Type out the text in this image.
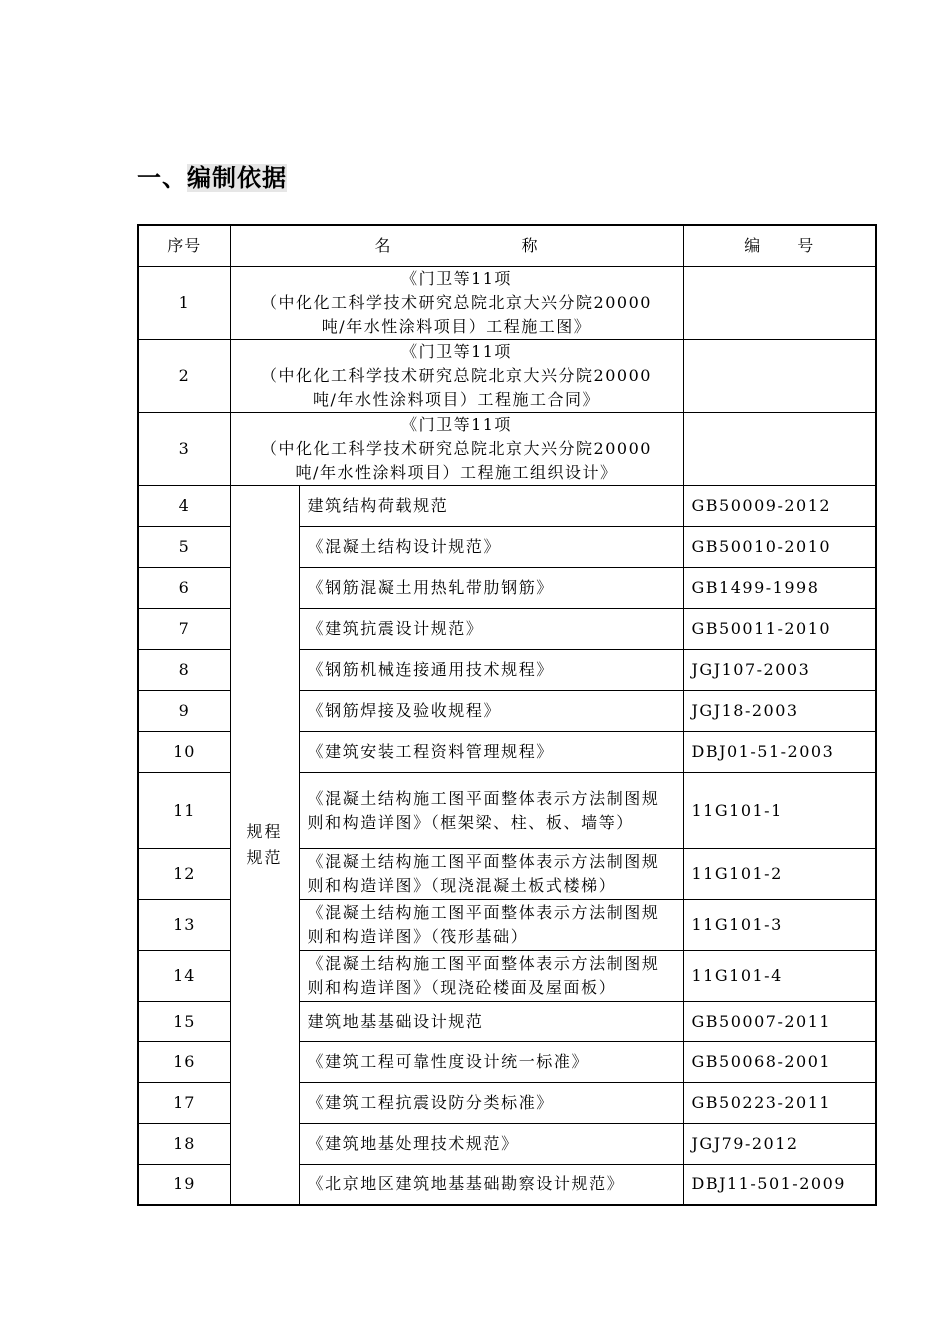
一、编制依据
序号	名 称		编 号
1	《门卫等11项
（中化化工科学技术研究总院北京大兴分院20000
吨/年水性涂料项目）工程施工图》		

2	《门卫等11项
（中化化工科学技术研究总院北京大兴分院20000
吨/年水性涂料项目）工程施工合同》		

3	《门卫等11项
（中化化工科学技术研究总院北京大兴分院20000
吨/年水性涂料项目）工程施工组织设计》		

4	规程规范	建筑结构荷载规范	GB50009-2012
5		《混凝土结构设计规范》	GB50010-2010
6		《钢筋混凝土用热轧带肋钢筋》	GB1499-1998
7		《建筑抗震设计规范》	GB50011-2010
8		《钢筋机械连接通用技术规程》	JGJ107-2003
9		《钢筋焊接及验收规程》	JGJ18-2003
10		《建筑安装工程资料管理规程》	DBJ01-51-2003
11		《混凝土结构施工图平面整体表示方法制图规则和构造详图》（框架梁、柱、板、墙等）	11G101-1
12		《混凝土结构施工图平面整体表示方法制图规则和构造详图》（现浇混凝土板式楼梯）	11G101-2
13		《混凝土结构施工图平面整体表示方法制图规则和构造详图》（筏形基础）	11G101-3
14		《混凝土结构施工图平面整体表示方法制图规则和构造详图》（现浇砼楼面及屋面板）	11G101-4
15		建筑地基基础设计规范	GB50007-2011
16		《建筑工程可靠性度设计统一标准》	GB50068-2001
17		《建筑工程抗震设防分类标准》	GB50223-2011
18		《建筑地基处理技术规范》	JGJ79-2012
19		《北京地区建筑地基基础勘察设计规范》	DBJ11-501-2009
